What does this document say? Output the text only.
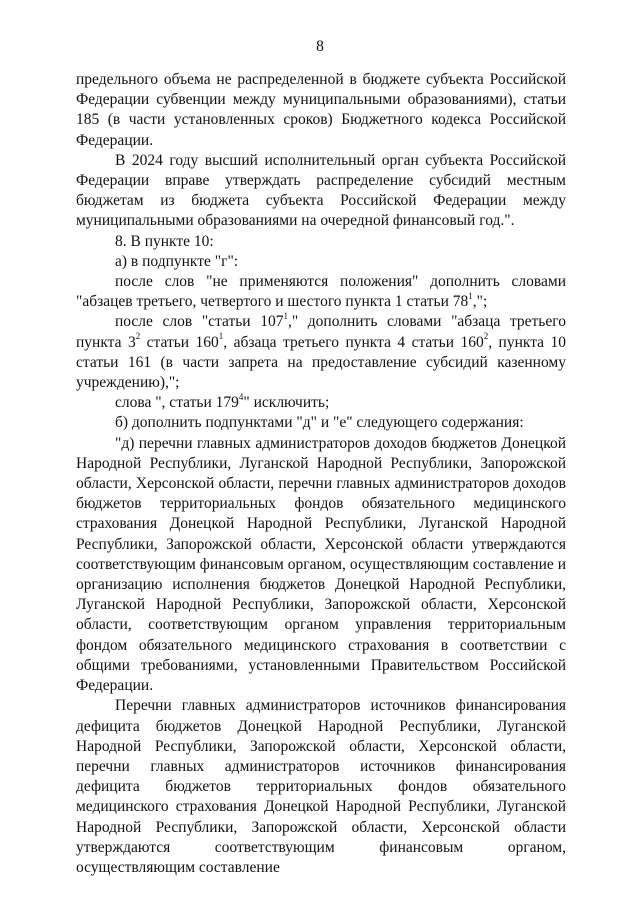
8

предельного объема не распределенной в бюджете субъекта Российской Федерации субвенции между муниципальными образованиями), статьи 185 (в части установленных сроков) Бюджетного кодекса Российской Федерации.

В 2024 году высший исполнительный орган субъекта Российской Федерации вправе утверждать распределение субсидий местным бюджетам из бюджета субъекта Российской Федерации между муниципальными образованиями на очередной финансовый год.".

8. В пункте 10:

а) в подпункте "г":

после слов "не применяются положения" дополнить словами "абзацев третьего, четвертого и шестого пункта 1 статьи $78^1$,";

после слов "статьи $107^1$," дополнить словами "абзаца третьего пункта $3^2$ статьи $160^1$, абзаца третьего пункта 4 статьи $160^2$, пункта 10 статьи 161 (в части запрета на предоставление субсидий казенному учреждению),";

слова ", статьи $179^4$" исключить;

б) дополнить подпунктами "д" и "е" следующего содержания:

"д) перечни главных администраторов доходов бюджетов Донецкой Народной Республики, Луганской Народной Республики, Запорожской области, Херсонской области, перечни главных администраторов доходов бюджетов территориальных фондов обязательного медицинского страхования Донецкой Народной Республики, Луганской Народной Республики, Запорожской области, Херсонской области утверждаются соответствующим финансовым органом, осуществляющим составление и организацию исполнения бюджетов Донецкой Народной Республики, Луганской Народной Республики, Запорожской области, Херсонской области, соответствующим органом управления территориальным фондом обязательного медицинского страхования в соответствии с общими требованиями, установленными Правительством Российской Федерации.

Перечни главных администраторов источников финансирования дефицита бюджетов Донецкой Народной Республики, Луганской Народной Республики, Запорожской области, Херсонской области, перечни главных администраторов источников финансирования дефицита бюджетов территориальных фондов обязательного медицинского страхования Донецкой Народной Республики, Луганской Народной Республики, Запорожской области, Херсонской области утверждаются соответствующим финансовым органом, осуществляющим составление
